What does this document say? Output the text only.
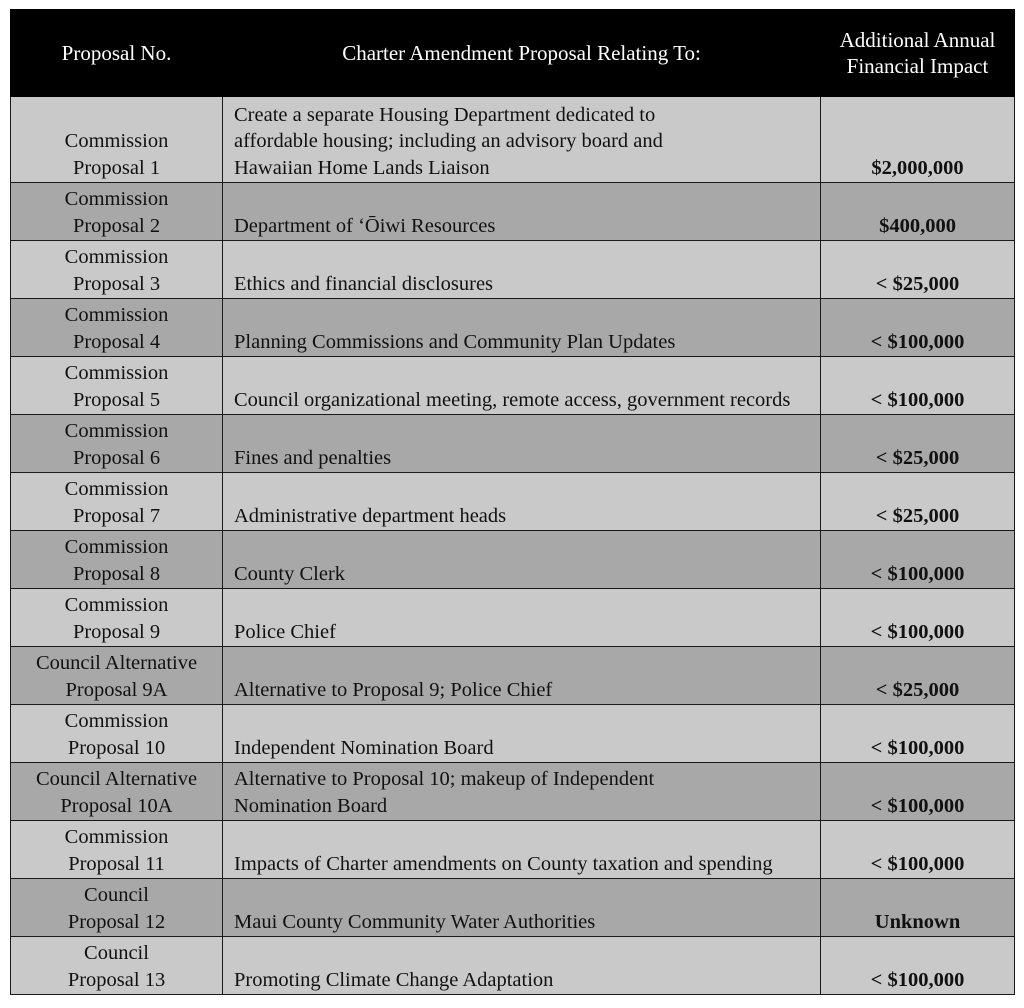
Proposal No.	Charter Amendment Proposal Relating To:	Additional Annual Financial Impact

Commission Proposal 1	Create a separate Housing Department dedicated to affordable housing; including an advisory board and Hawaiian Home Lands Liaison	$2,000,000

Commission Proposal 2	Department of ‘Ōiwi Resources	$400,000

Commission Proposal 3	Ethics and financial disclosures	< $25,000

Commission Proposal 4	Planning Commissions and Community Plan Updates	< $100,000

Commission Proposal 5	Council organizational meeting, remote access, government records	< $100,000

Commission Proposal 6	Fines and penalties	< $25,000

Commission Proposal 7	Administrative department heads	< $25,000

Commission Proposal 8	County Clerk	< $100,000

Commission Proposal 9	Police Chief	< $100,000

Council Alternative Proposal 9A	Alternative to Proposal 9; Police Chief	< $25,000

Commission Proposal 10	Independent Nomination Board	< $100,000

Council Alternative Proposal 10A	Alternative to Proposal 10; makeup of Independent Nomination Board	< $100,000

Commission Proposal 11	Impacts of Charter amendments on County taxation and spending	< $100,000

Council Proposal 12	Maui County Community Water Authorities	Unknown

Council Proposal 13	Promoting Climate Change Adaptation	< $100,000
